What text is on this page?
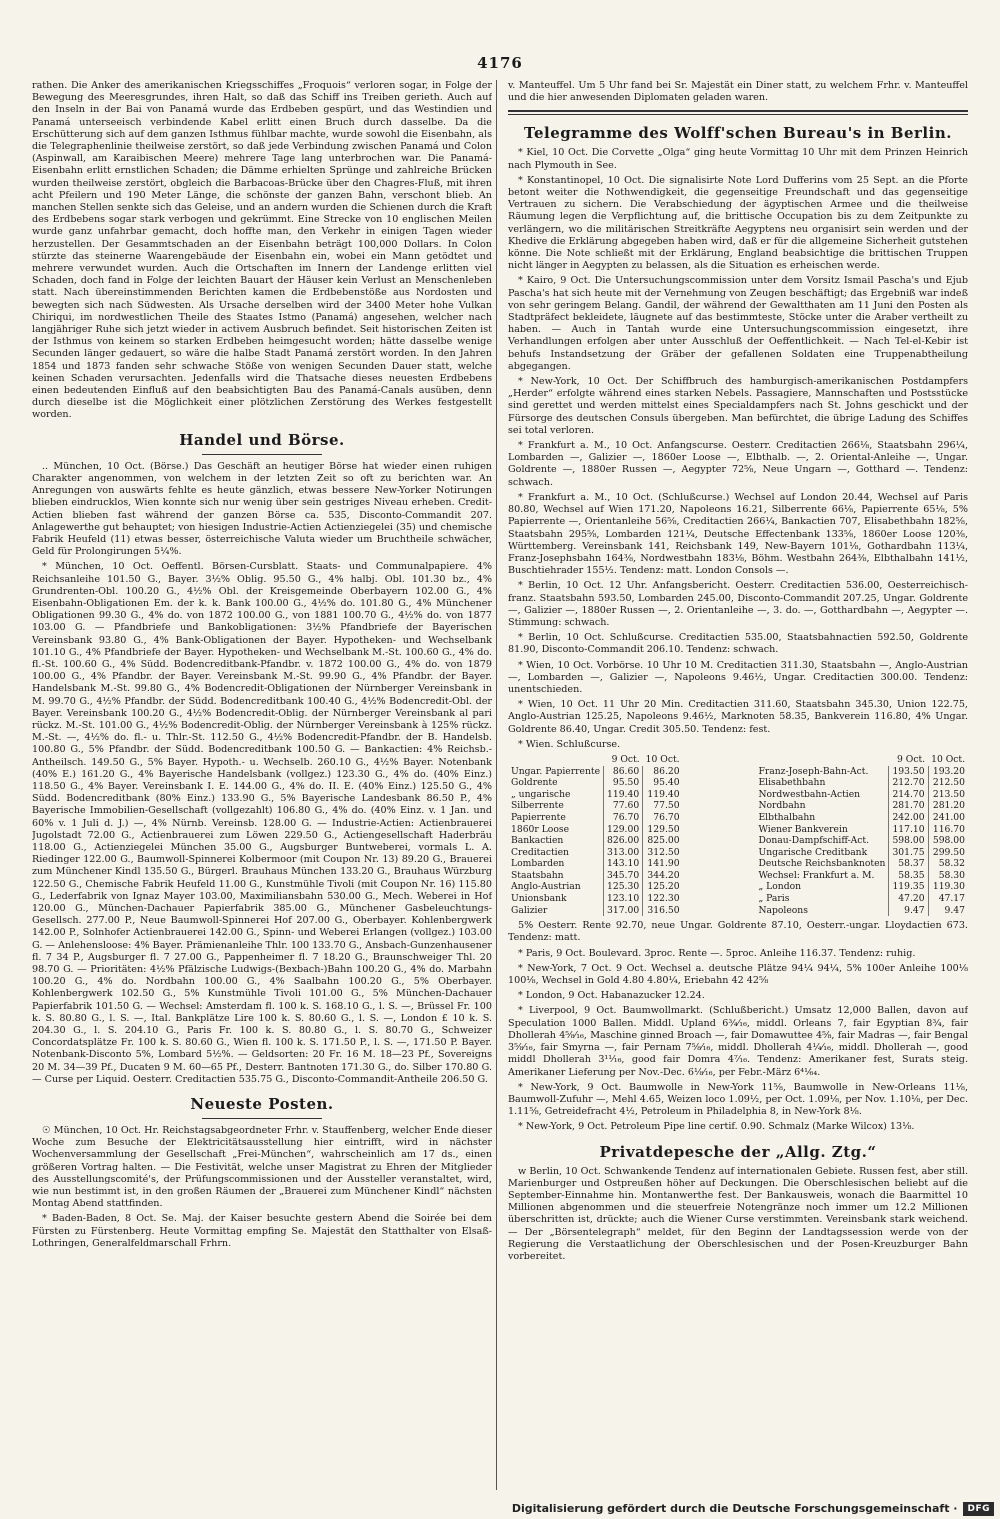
4176

rathen. Die Anker des amerikanischen Kriegsschiffes „Froquois“ verloren sogar, in Folge der Bewegung des Meeresgrundes, ihren Halt, so daß das Schiff ins Treiben gerieth. Auch auf den Inseln in der Bai von Panamá wurde das Erdbeben gespürt, und das Westindien und Panamá unterseeisch verbindende Kabel erlitt einen Bruch durch dasselbe. Da die Erschütterung sich auf dem ganzen Isthmus fühlbar machte, wurde sowohl die Eisenbahn, als die Telegraphenlinie theilweise zerstört, so daß jede Verbindung zwischen Panamá und Colon (Aspinwall, am Karaibischen Meere) mehrere Tage lang unterbrochen war. Die Panamá-Eisenbahn erlitt ernstlichen Schaden; die Dämme erhielten Sprünge und zahlreiche Brücken wurden theilweise zerstört, obgleich die Barbacoas-Brücke über den Chagres-Fluß, mit ihren acht Pfeilern und 190 Meter Länge, die schönste der ganzen Bahn, verschont blieb. An manchen Stellen senkte sich das Geleise, und an andern wurden die Schienen durch die Kraft des Erdbebens sogar stark verbogen und gekrümmt. Eine Strecke von 10 englischen Meilen wurde ganz unfahrbar gemacht, doch hoffte man, den Verkehr in einigen Tagen wieder herzustellen. Der Gesammtschaden an der Eisenbahn beträgt 100,000 Dollars. In Colon stürzte das steinerne Waarengebäude der Eisenbahn ein, wobei ein Mann getödtet und mehrere verwundet wurden. Auch die Ortschaften im Innern der Landenge erlitten viel Schaden, doch fand in Folge der leichten Bauart der Häuser kein Verlust an Menschenleben statt. Nach übereinstimmenden Berichten kamen die Erdbebenstöße aus Nordosten und bewegten sich nach Südwesten. Als Ursache derselben wird der 3400 Meter hohe Vulkan Chiriqui, im nordwestlichen Theile des Staates Istmo (Panamá) angesehen, welcher nach langjähriger Ruhe sich jetzt wieder in activem Ausbruch befindet. Seit historischen Zeiten ist der Isthmus von keinem so starken Erdbeben heimgesucht worden; hätte dasselbe wenige Secunden länger gedauert, so wäre die halbe Stadt Panamá zerstört worden. In den Jahren 1854 und 1873 fanden sehr schwache Stöße von wenigen Secunden Dauer statt, welche keinen Schaden verursachten. Jedenfalls wird die Thatsache dieses neuesten Erdbebens einen bedeutenden Einfluß auf den beabsichtigten Bau des Panamá-Canals ausüben, denn durch dieselbe ist die Möglichkeit einer plötzlichen Zerstörung des Werkes festgestellt worden.

Handel und Börse.

.. München, 10 Oct. (Börse.) Das Geschäft an heutiger Börse hat wieder einen ruhigen Charakter angenommen, von welchem in der letzten Zeit so oft zu berichten war. An Anregungen von auswärts fehlte es heute gänzlich, etwas bessere New-Yorker Notirungen blieben eindrucklos, Wien konnte sich nur wenig über sein gestriges Niveau erheben. Credit-Actien blieben fast während der ganzen Börse ca. 535, Disconto-Commandit 207. Anlagewerthe gut behauptet; von hiesigen Industrie-Actien Actienziegelei (35) und chemische Fabrik Heufeld (11) etwas besser, österreichische Valuta wieder um Bruchtheile schwächer, Geld für Prolongirungen 5¼%.

* München, 10 Oct. Oeffentl. Börsen-Cursblatt. Staats- und Communalpapiere. 4% Reichsanleihe 101.50 G., Bayer. 3½% Oblig. 95.50 G., 4% halbj. Obl. 101.30 bz., 4% Grundrenten-Obl. 100.20 G., 4½% Obl. der Kreisgemeinde Oberbayern 102.00 G., 4% Eisenbahn-Obligationen Em. der k. k. Bank 100.00 G., 4½% do. 101.80 G., 4% Münchener Obligationen 99.30 G., 4% do. von 1872 100.00 G., von 1881 100.70 G., 4½% do. von 1877 103.00 G. — Pfandbriefe und Bankobligationen: 3½% Pfandbriefe der Bayerischen Vereinsbank 93.80 G., 4% Bank-Obligationen der Bayer. Hypotheken- und Wechselbank 101.10 G., 4% Pfandbriefe der Bayer. Hypotheken- und Wechselbank M.-St. 100.60 G., 4% do. fl.-St. 100.60 G., 4% Südd. Bodencreditbank-Pfandbr. v. 1872 100.00 G., 4% do. von 1879 100.00 G., 4% Pfandbr. der Bayer. Vereinsbank M.-St. 99.90 G., 4% Pfandbr. der Bayer. Handelsbank M.-St. 99.80 G., 4% Bodencredit-Obligationen der Nürnberger Vereinsbank in M. 99.70 G., 4½% Pfandbr. der Südd. Bodencreditbank 100.40 G., 4½% Bodencredit-Obl. der Bayer. Vereinsbank 100.20 G., 4½% Bodencredit-Oblig. der Nürnberger Vereinsbank al pari rückz. M.-St. 101.00 G., 4½% Bodencredit-Oblig. der Nürnberger Vereinsbank à 125% rückz. M.-St. —, 4½% do. fl.- u. Thlr.-St. 112.50 G., 4½% Bodencredit-Pfandbr. der B. Handelsb. 100.80 G., 5% Pfandbr. der Südd. Bodencreditbank 100.50 G. — Bankactien: 4% Reichsb.-Antheilsch. 149.50 G., 5% Bayer. Hypoth.- u. Wechselb. 260.10 G., 4½% Bayer. Notenbank (40% E.) 161.20 G., 4% Bayerische Handelsbank (vollgez.) 123.30 G., 4% do. (40% Einz.) 118.50 G., 4% Bayer. Vereinsbank I. E. 144.00 G., 4% do. II. E. (40% Einz.) 125.50 G., 4% Südd. Bodencreditbank (80% Einz.) 133.90 G., 5% Bayerische Landesbank 86.50 P., 4% Bayerische Immobilien-Gesellschaft (vollgezahlt) 106.80 G., 4% do. (40% Einz. v. 1 Jan. und 60% v. 1 Juli d. J.) —, 4% Nürnb. Vereinsb. 128.00 G. — Industrie-Actien: Actienbrauerei Jugolstadt 72.00 G., Actienbrauerei zum Löwen 229.50 G., Actiengesellschaft Haderbräu 118.00 G., Actienziegelei München 35.00 G., Augsburger Buntweberei, vormals L. A. Riedinger 122.00 G., Baumwoll-Spinnerei Kolbermoor (mit Coupon Nr. 13) 89.20 G., Brauerei zum Münchener Kindl 135.50 G., Bürgerl. Brauhaus München 133.20 G., Brauhaus Würzburg 122.50 G., Chemische Fabrik Heufeld 11.00 G., Kunstmühle Tivoli (mit Coupon Nr. 16) 115.80 G., Lederfabrik von Ignaz Mayer 103.00, Maximiliansbahn 530.00 G., Mech. Weberei in Hof 120.00 G., München-Dachauer Papierfabrik 385.00 G., Münchener Gasbeleuchtungs-Gesellsch. 277.00 P., Neue Baumwoll-Spinnerei Hof 207.00 G., Oberbayer. Kohlenbergwerk 142.00 P., Solnhofer Actienbrauerei 142.00 G., Spinn- und Weberei Erlangen (vollgez.) 103.00 G. — Anlehensloose: 4% Bayer. Prämienanleihe Thlr. 100 133.70 G., Ansbach-Gunzenhausener fl. 7 34 P., Augsburger fl. 7 27.00 G., Pappenheimer fl. 7 18.20 G., Braunschweiger Thl. 20 98.70 G. — Prioritäten: 4½% Pfälzische Ludwigs-(Bexbach-)Bahn 100.20 G., 4% do. Marbahn 100.20 G., 4% do. Nordbahn 100.00 G., 4% Saalbahn 100.20 G., 5% Oberbayer. Kohlenbergwerk 102.50 G., 5% Kunstmühle Tivoli 101.00 G., 5% München-Dachauer Papierfabrik 101.50 G. — Wechsel: Amsterdam fl. 100 k. S. 168.10 G., l. S. —, Brüssel Fr. 100 k. S. 80.80 G., l. S. —, Ital. Bankplätze Lire 100 k. S. 80.60 G., l. S. —, London £ 10 k. S. 204.30 G., l. S. 204.10 G., Paris Fr. 100 k. S. 80.80 G., l. S. 80.70 G., Schweizer Concordatsplätze Fr. 100 k. S. 80.60 G., Wien fl. 100 k. S. 171.50 P., l. S. —, 171.50 P. Bayer. Notenbank-Disconto 5%, Lombard 5½%. — Geldsorten: 20 Fr. 16 M. 18—23 Pf., Sovereigns 20 M. 34—39 Pf., Ducaten 9 M. 60—65 Pf., Desterr. Bantnoten 171.30 G., do. Silber 170.80 G. — Curse per Liquid. Oesterr. Creditactien 535.75 G., Disconto-Commandit-Antheile 206.50 G.

Neueste Posten.

☉ München, 10 Oct. Hr. Reichstagsabgeordneter Frhr. v. Stauffenberg, welcher Ende dieser Woche zum Besuche der Elektricitätsausstellung hier eintrifft, wird in nächster Wochenversammlung der Gesellschaft „Frei-München“, wahrscheinlich am 17 ds., einen größeren Vortrag halten. — Die Festivität, welche unser Magistrat zu Ehren der Mitglieder des Ausstellungscomité's, der Prüfungscommissionen und der Aussteller veranstaltet, wird, wie nun bestimmt ist, in den großen Räumen der „Brauerei zum Münchener Kindl“ nächsten Montag Abend stattfinden.

* Baden-Baden, 8 Oct. Se. Maj. der Kaiser besuchte gestern Abend die Soirée bei dem Fürsten zu Fürstenberg. Heute Vormittag empfing Se. Majestät den Statthalter von Elsaß-Lothringen, Generalfeldmarschall Frhrn.

v. Manteuffel. Um 5 Uhr fand bei Sr. Majestät ein Diner statt, zu welchem Frhr. v. Manteuffel und die hier anwesenden Diplomaten geladen waren.

Telegramme des Wolff'schen Bureau's in Berlin.

* Kiel, 10 Oct. Die Corvette „Olga“ ging heute Vormittag 10 Uhr mit dem Prinzen Heinrich nach Plymouth in See.

* Konstantinopel, 10 Oct. Die signalisirte Note Lord Dufferins vom 25 Sept. an die Pforte betont weiter die Nothwendigkeit, die gegenseitige Freundschaft und das gegenseitige Vertrauen zu sichern. Die Verabschiedung der ägyptischen Armee und die theilweise Räumung legen die Verpflichtung auf, die brittische Occupation bis zu dem Zeitpunkte zu verlängern, wo die militärischen Streitkräfte Aegyptens neu organisirt sein werden und der Khedive die Erklärung abgegeben haben wird, daß er für die allgemeine Sicherheit gutstehen könne. Die Note schließt mit der Erklärung, England beabsichtige die brittischen Truppen nicht länger in Aegypten zu belassen, als die Situation es erheischen werde.

* Kairo, 9 Oct. Die Untersuchungscommission unter dem Vorsitz Ismail Pascha's und Ejub Pascha's hat sich heute mit der Vernehmung von Zeugen beschäftigt; das Ergebniß war indeß von sehr geringem Belang. Gandil, der während der Gewaltthaten am 11 Juni den Posten als Stadtpräfect bekleidete, läugnete auf das bestimmteste, Stöcke unter die Araber vertheilt zu haben. — Auch in Tantah wurde eine Untersuchungscommission eingesetzt, ihre Verhandlungen erfolgen aber unter Ausschluß der Oeffentlichkeit. — Nach Tel-el-Kebir ist behufs Instandsetzung der Gräber der gefallenen Soldaten eine Truppenabtheilung abgegangen.

* New-York, 10 Oct. Der Schiffbruch des hamburgisch-amerikanischen Postdampfers „Herder“ erfolgte während eines starken Nebels. Passagiere, Mannschaften und Postsstücke sind gerettet und werden mittelst eines Specialdampfers nach St. Johns geschickt und der Fürsorge des deutschen Consuls übergeben. Man befürchtet, die übrige Ladung des Schiffes sei total verloren.

* Frankfurt a. M., 10 Oct. Anfangscurse. Oesterr. Creditactien 266⅛, Staatsbahn 296¼, Lombarden —, Galizier —, 1860er Loose —, Elbthalb. —, 2. Oriental-Anleihe —, Ungar. Goldrente —, 1880er Russen —, Aegypter 72⅝, Neue Ungarn —, Gotthard —. Tendenz: schwach.

* Frankfurt a. M., 10 Oct. (Schlußcurse.) Wechsel auf London 20.44, Wechsel auf Paris 80.80, Wechsel auf Wien 171.20, Napoleons 16.21, Silberrente 66⅛, Papierrente 65⅛, 5% Papierrente —, Orientanleihe 56⅝, Creditactien 266¼, Bankactien 707, Elisabethbahn 182⅝, Staatsbahn 295⅝, Lombarden 121¼, Deutsche Effectenbank 133⅝, 1860er Loose 120⅜, Württemberg. Vereinsbank 141, Reichsbank 149, New-Bayern 101⅛, Gothardbahn 113¼, Franz-Josephsbahn 164⅜, Nordwestbahn 183⅛, Böhm. Westbahn 264⅜, Elbthalbahn 141½, Buschtiehrader 155½. Tendenz: matt. London Consols —.

* Berlin, 10 Oct. 12 Uhr. Anfangsbericht. Oesterr. Creditactien 536.00, Oesterreichisch-franz. Staatsbahn 593.50, Lombarden 245.00, Disconto-Commandit 207.25, Ungar. Goldrente —, Galizier —, 1880er Russen —, 2. Orientanleihe —, 3. do. —, Gotthardbahn —, Aegypter —. Stimmung: schwach.

* Berlin, 10 Oct. Schlußcurse. Creditactien 535.00, Staatsbahnactien 592.50, Goldrente 81.90, Disconto-Commandit 206.10. Tendenz: schwach.

* Wien, 10 Oct. Vorbörse. 10 Uhr 10 M. Creditactien 311.30, Staatsbahn —, Anglo-Austrian —, Lombarden —, Galizier —, Napoleons 9.46½, Ungar. Creditactien 300.00. Tendenz: unentschieden.

* Wien, 10 Oct. 11 Uhr 20 Min. Creditactien 311.60, Staatsbahn 345.30, Union 122.75, Anglo-Austrian 125.25, Napoleons 9.46½, Marknoten 58.35, Bankverein 116.80, 4% Ungar. Goldrente 86.40, Ungar. Credit 305.50. Tendenz: fest.

* Wien. Schlußcurse.

	9 Oct.	10 Oct.
Ungar. Papierrente	86.60	86.20
Goldrente	95.50	95.40
„ ungarische	119.40	119.40
Silberrente	77.60	77.50
Papierrente	76.70	76.70
1860r Loose	129.00	129.50
Bankactien	826.00	825.00
Creditactien	313.00	312.50
Lombarden	143.10	141.90
Staatsbahn	345.70	344.20
Anglo-Austrian	125.30	125.20
Unionsbank	123.10	122.30
Galizier	317.00	316.50
	9 Oct.	10 Oct.
Franz-Joseph-Bahn-Act.	193.50	193.20
Elisabethbahn	212.70	212.50
Nordwestbahn-Actien	214.70	213.50
Nordbahn	281.70	281.20
Elbthalbahn	242.00	241.00
Wiener Bankverein	117.10	116.70
Donau-Dampfschiff-Act.	598.00	598.00
Ungarische Creditbank	301.75	299.50
Deutsche Reichsbanknoten	58.37	58.32
Wechsel: Frankfurt a. M.	58.35	58.30
„ London	119.35	119.30
„ Paris	47.20	47.17
Napoleons	9.47	9.47

5% Oesterr. Rente 92.70, neue Ungar. Goldrente 87.10, Oesterr.-ungar. Lloydactien 673. Tendenz: matt.

* Paris, 9 Oct. Boulevard. 3proc. Rente —. 5proc. Anleihe 116.37. Tendenz: ruhig.

* New-York, 7 Oct. 9 Oct. Wechsel a. deutsche Plätze 94¼ 94¼, 5% 100er Anleihe 100⅛ 100⅛, Wechsel in Gold 4.80 4.80¼, Eriebahn 42 42⅝

* London, 9 Oct. Habanazucker 12.24.

* Liverpool, 9 Oct. Baumwollmarkt. (Schlußbericht.) Umsatz 12,000 Ballen, davon auf Speculation 1000 Ballen. Middl. Upland 6¾⁄₁₆, middl. Orleans 7, fair Egyptian 8¾, fair Dhollerah 4⅝⁄₁₆, Maschine ginned Broach —, fair Domawuttee 4⅝, fair Madras —, fair Bengal 3⅝⁄₁₆, fair Smyrna —, fair Pernam 7⅝⁄₁₆, middl. Dhollerah 4¼⁄₁₆, middl. Dhollerah —, good middl Dhollerah 3¹¹⁄₁₆, good fair Domra 4⁷⁄₁₆. Tendenz: Amerikaner fest, Surats steig. Amerikaner Lieferung per Nov.-Dec. 6⅛⁄₁₆, per Febr.-März 6⁴¹⁄₆₄.

* New-York, 9 Oct. Baumwolle in New-York 11⅝, Baumwolle in New-Orleans 11⅛, Baumwoll-Zufuhr —, Mehl 4.65, Weizen loco 1.09½, per Oct. 1.09⅛, per Nov. 1.10⅛, per Dec. 1.11⅝, Getreidefracht 4½, Petroleum in Philadelphia 8, in New-York 8⅛.

* New-York, 9 Oct. Petroleum Pipe line certif. 0.90. Schmalz (Marke Wilcox) 13⅛.

Privatdepesche der „Allg. Ztg.“

w Berlin, 10 Oct. Schwankende Tendenz auf internationalen Gebiete. Russen fest, aber still. Marienburger und Ostpreußen höher auf Deckungen. Die Oberschlesischen beliebt auf die September-Einnahme hin. Montanwerthe fest. Der Bankausweis, wonach die Baarmittel 10 Millionen abgenommen und die steuerfreie Notengränze noch immer um 12.2 Millionen überschritten ist, drückte; auch die Wiener Curse verstimmten. Vereinsbank stark weichend. — Der „Börsentelegraph“ meldet, für den Beginn der Landtagssession werde von der Regierung die Verstaatlichung der Oberschlesischen und der Posen-Kreuzburger Bahn vorbereitet.

Digitalisierung gefördert durch die Deutsche Forschungsgemeinschaft ·	DFG
